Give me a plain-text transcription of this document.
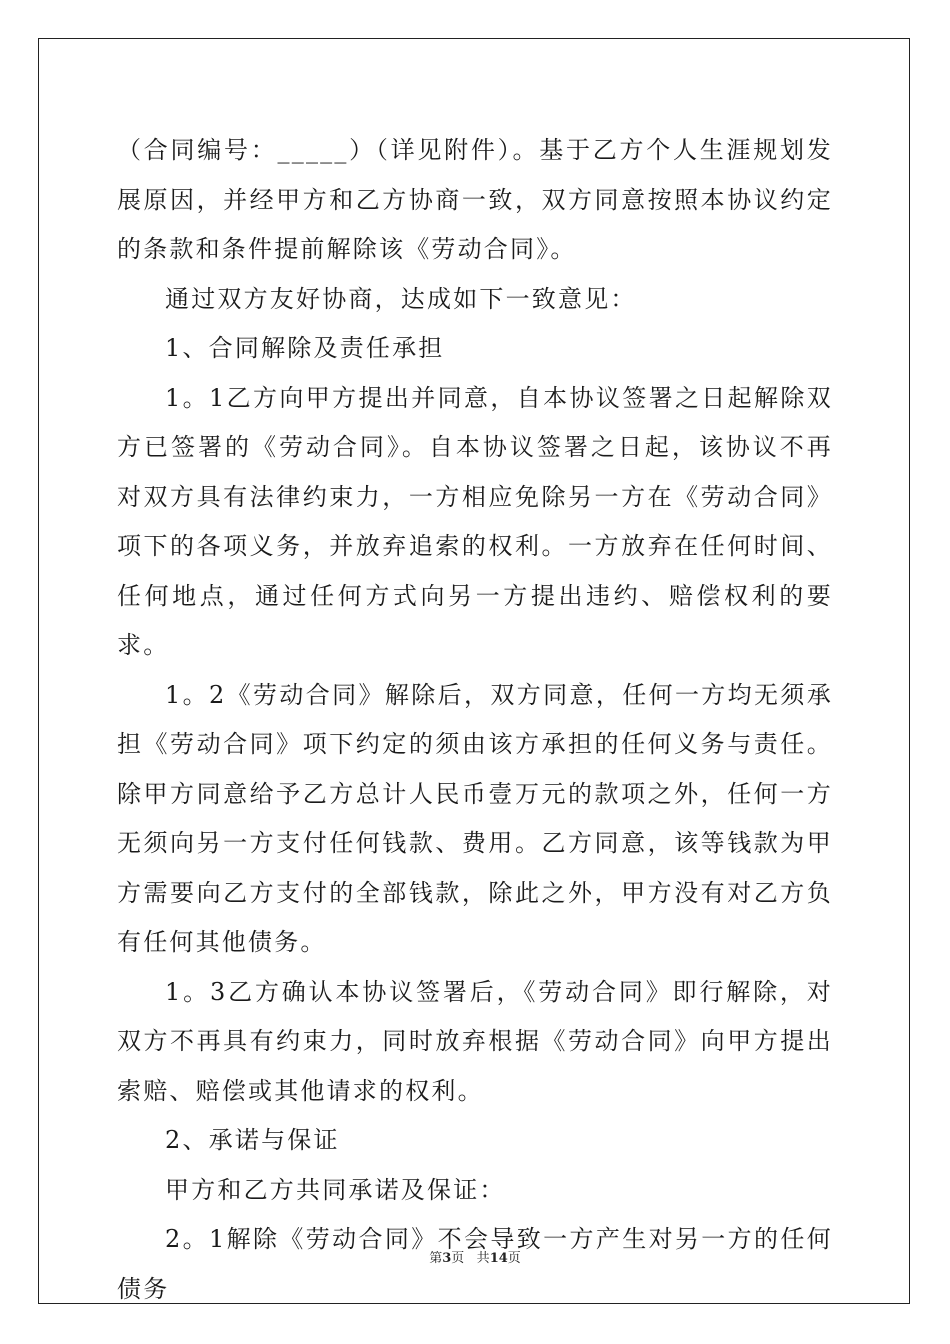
（合同编号：_____）（详见附件）。基于乙方个人生涯规划发展原因，并经甲方和乙方协商一致，双方同意按照本协议约定的条款和条件提前解除该《劳动合同》。

通过双方友好协商，达成如下一致意见：

1、合同解除及责任承担

1。1乙方向甲方提出并同意，自本协议签署之日起解除双方已签署的《劳动合同》。自本协议签署之日起，该协议不再对双方具有法律约束力，一方相应免除另一方在《劳动合同》项下的各项义务，并放弃追索的权利。一方放弃在任何时间、任何地点，通过任何方式向另一方提出违约、赔偿权利的要求。

1。2《劳动合同》解除后，双方同意，任何一方均无须承担《劳动合同》项下约定的须由该方承担的任何义务与责任。除甲方同意给予乙方总计人民币壹万元的款项之外，任何一方无须向另一方支付任何钱款、费用。乙方同意，该等钱款为甲方需要向乙方支付的全部钱款，除此之外，甲方没有对乙方负有任何其他债务。

1。3乙方确认本协议签署后，《劳动合同》即行解除，对双方不再具有约束力，同时放弃根据《劳动合同》向甲方提出索赔、赔偿或其他请求的权利。

2、承诺与保证

甲方和乙方共同承诺及保证：

2。1解除《劳动合同》不会导致一方产生对另一方的任何债务

第3页 共14页
